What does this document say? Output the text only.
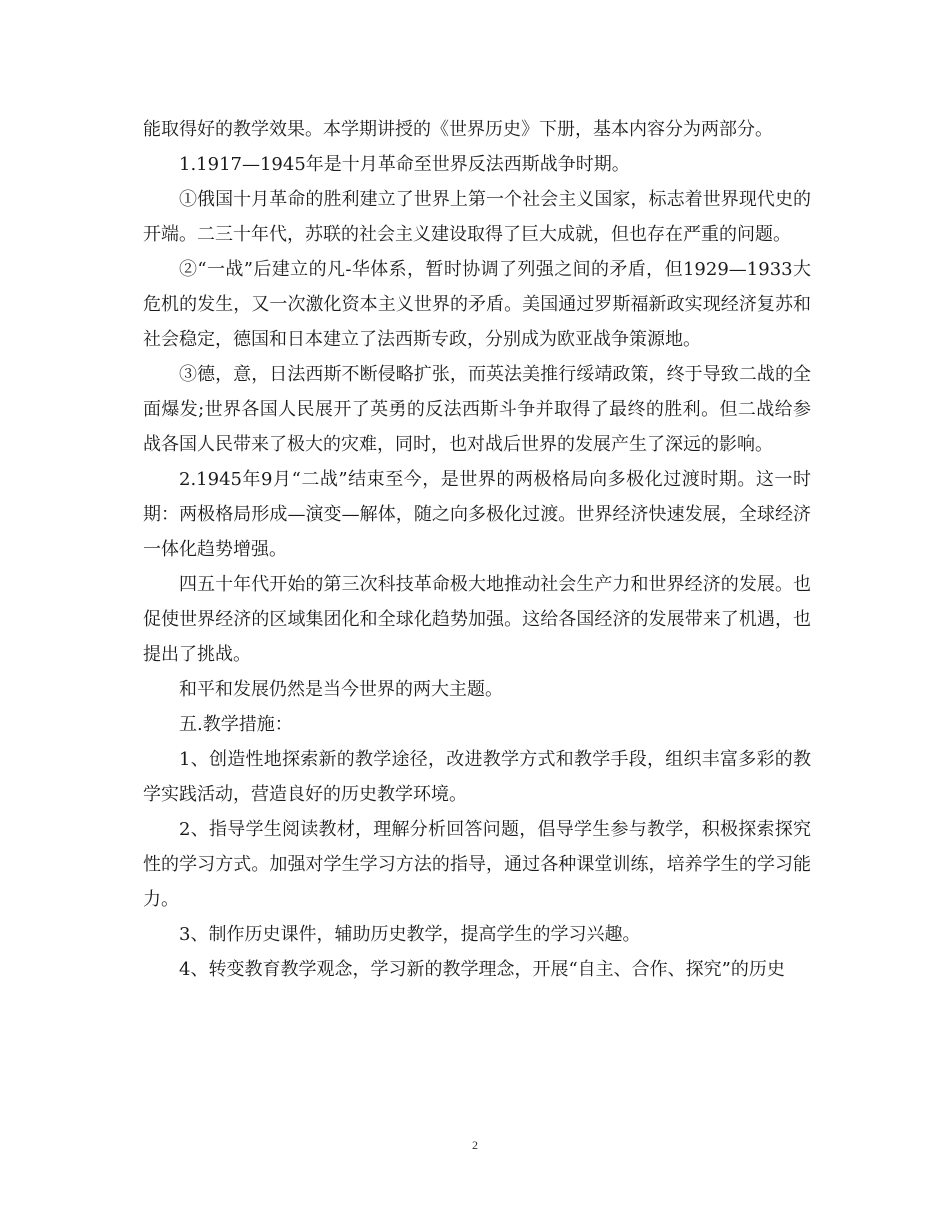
能取得好的教学效果。本学期讲授的《世界历史》下册，基本内容分为两部分。

1.1917—1945年是十月革命至世界反法西斯战争时期。

①俄国十月革命的胜利建立了世界上第一个社会主义国家，标志着世界现代史的开端。二三十年代，苏联的社会主义建设取得了巨大成就，但也存在严重的问题。

②“一战”后建立的凡-华体系，暂时协调了列强之间的矛盾，但1929—1933大危机的发生，又一次激化资本主义世界的矛盾。美国通过罗斯福新政实现经济复苏和社会稳定，德国和日本建立了法西斯专政，分别成为欧亚战争策源地。

③德，意，日法西斯不断侵略扩张，而英法美推行绥靖政策，终于导致二战的全面爆发;世界各国人民展开了英勇的反法西斯斗争并取得了最终的胜利。但二战给参战各国人民带来了极大的灾难，同时，也对战后世界的发展产生了深远的影响。

2.1945年9月“二战”结束至今，是世界的两极格局向多极化过渡时期。这一时期：两极格局形成—演变—解体，随之向多极化过渡。世界经济快速发展，全球经济一体化趋势增强。

四五十年代开始的第三次科技革命极大地推动社会生产力和世界经济的发展。也促使世界经济的区域集团化和全球化趋势加强。这给各国经济的发展带来了机遇，也提出了挑战。

和平和发展仍然是当今世界的两大主题。

五.教学措施：

1、创造性地探索新的教学途径，改进教学方式和教学手段，组织丰富多彩的教学实践活动，营造良好的历史教学环境。

2、指导学生阅读教材，理解分析回答问题，倡导学生参与教学，积极探索探究性的学习方式。加强对学生学习方法的指导，通过各种课堂训练，培养学生的学习能力。

3、制作历史课件，辅助历史教学，提高学生的学习兴趣。

4、转变教育教学观念，学习新的教学理念，开展“自主、合作、探究”的历史

2
